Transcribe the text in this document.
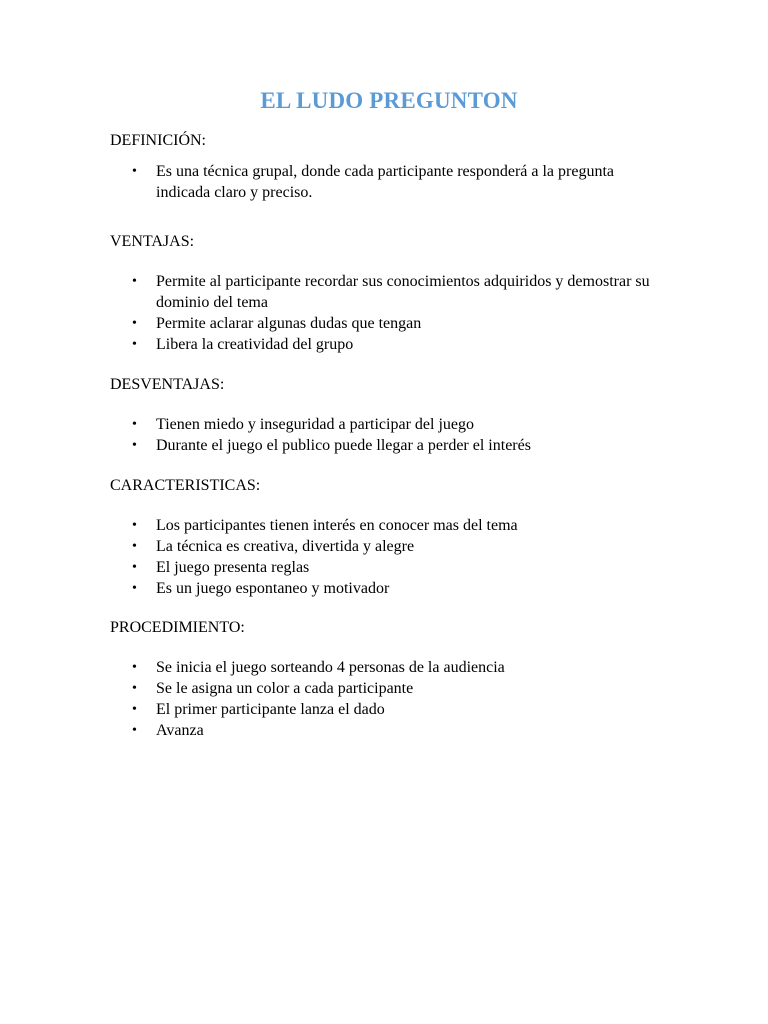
EL LUDO PREGUNTON

DEFINICIÓN:

• Es una técnica grupal, donde cada participante responderá a la pregunta indicada claro y preciso.

VENTAJAS:

• Permite al participante recordar sus conocimientos adquiridos y demostrar su dominio del tema
• Permite aclarar algunas dudas que tengan
• Libera la creatividad del grupo

DESVENTAJAS:

• Tienen miedo y inseguridad a participar del juego
• Durante el juego el publico puede llegar a perder el interés

CARACTERISTICAS:

• Los participantes tienen interés en conocer mas del tema
• La técnica es creativa, divertida y alegre
• El juego presenta reglas
• Es un juego espontaneo y motivador

PROCEDIMIENTO:

• Se inicia el juego sorteando 4 personas de la audiencia
• Se le asigna un color a cada participante
• El primer participante lanza el dado
• Avanza
